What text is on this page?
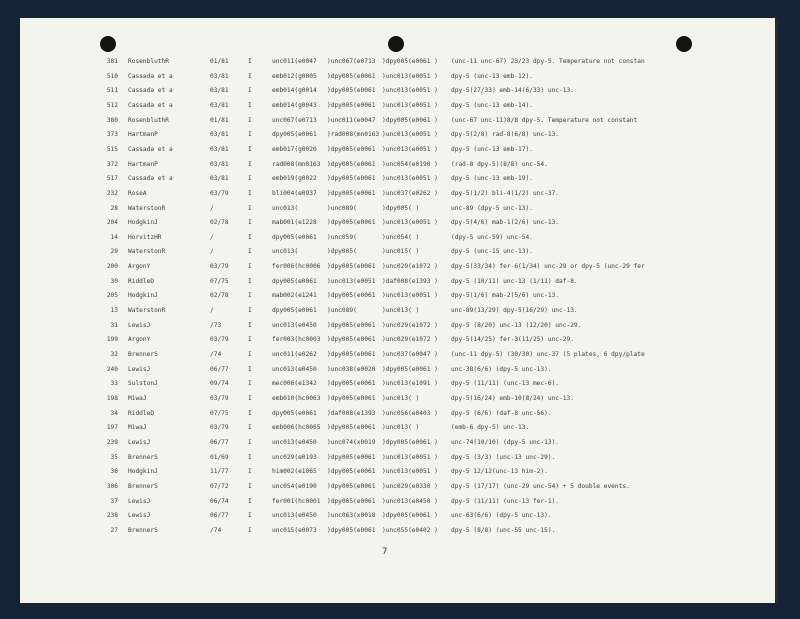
381 RosenbluthR	01/81	I	unc011(e0047 )unc067(e0713 )dpy005(e0061 ) (unc-11 unc-67) 23/23 dpy-5. Temperature not constan
510 Cassada et a	03/81	I	emb012(g0005 )dpy005(e0061 )unc013(e0051 ) dpy-5 (unc-13 emb-12).
511 Cassada et a	03/81	I	emb014(g0014 )dpy005(e0061 )unc013(e0051 ) dpy-5(27/33) emb-14(6/33) unc-13.
512 Cassada et a	03/81	I	emb014(g0043 )dpy005(e0061 )unc013(e0051 ) dpy-5 (unc-13 emb-14).
380 RosenbluthR	01/81	I	unc067(e0713 )unc011(e0047 )dpy005(e0061 ) (unc-67 unc-11)8/8 dpy-5. Temperature not constant
373 HartmanP	03/81	I	dpy005(e0061 )rad008(mn0163 )unc013(e0051 ) dpy-5(2/8) rad-8(6/8) unc-13.
515 Cassada et a	03/81	I	emb017(g0020 )dpy005(e0061 )unc013(e0051 ) dpy-5 (unc-13 emb-17).
372 HartmanP	03/81	I	rad008(mn0163 )dpy005(e0061 )unc054(e0190 ) (rad-8 dpy-5)(8/8) unc-54.
517 Cassada et a	03/81	I	emb019(g0022 )dpy005(e0061 )unc013(e0051 ) dpy-5 (unc-13 emb-19).
232 RoseA	03/79	I	bli004(e0937 )dpy005(e0061 )unc037(e0262 ) dpy-5(1/2) bli-4(1/2) unc-37.
28 WaterstonR	/	I	unc013(	)unc089(	)dpy005( )	unc-89 (dpy-5 unc-13).
204 HodgkinJ	02/78	I	mab001(e1228 )dpy005(e0061 )unc013(e0051 ) dpy-5(4/6) mab-1(2/6) unc-13.
14 HorvitzHR	/	I	dpy005(e0061 )unc059(	)unc054( )	(dpy-5 unc-59) unc-54.
29 WaterstonR	/	I	unc013(	)dpy005(	)unc015( )	dpy-5 (unc-15 unc-13).
200 ArgonY	03/79	I	fer006(hc0006 )dpy005(e0061 )unc029(e1072 ) dpy-5(33/34) fer-6(1/34) unc-29 or dpy-5 (unc-29 fer
30 RiddleD	07/75	I	dpy005(e0061 )unc013(e0051 )daf008(e1393 ) dpy-5 (10/11) unc-13 (1/11) daf-8.
205 HodgkinJ	02/78	I	mab002(e1241 )dpy005(e0061 )unc013(e0051 ) dpy-5(1/6) mab-2(5/6) unc-13.
13 WaterstonR	/	I	dpy005(e0061 )unc089(	)unc013( )	unc-89(13/29) dpy-5(16/29) unc-13.
31 LewisJ	/73	I	unc013(e0450 )dpy005(e0061 )unc029(e1072 ) dpy-5 (8/20) unc-13 (12/20) unc-29.
199 ArgonY	03/79	I	fer003(hc0003 )dpy005(e0061 )unc029(e1072 ) dpy-5(14/25) fer-3(11/25) unc-29.
32 BrennerS	/74	I	unc011(e0262 )dpy005(e0061 )unc037(e0047 ) (unc-11 dpy-5) (30/30) unc-37 (5 plates, 6 dpy/plate
240 LewisJ	06/77	I	unc013(e0450 )unc038(e0020 )dpy005(e0061 ) unc-38(6/6) (dpy-5 unc-13).
33 SulstonJ	09/74	I	mec006(e1342 )dpy005(e0061 )unc013(e1091 ) dpy-5 (11/11) (unc-13 mec-6).
198 MiwaJ	03/79	I	emb010(hc0063 )dpy005(e0061 )unc013( )	dpy-5(16/24) emb-10(8/24) unc-13.
34 RiddleD	07/75	I	dpy005(e0061 )daf008(e1393 )unc056(e0403 ) dpy-5 (6/6) (daf-8 unc-56).
197 MiwaJ	03/79	I	emb006(hc0065 )dpy005(e0061 )unc013( )	(emb-6 dpy-5) unc-13.
239 LewisJ	06/77	I	unc013(e0450 )unc074(x0019 )dpy005(e0061 ) unc-74(10/10) (dpy-5 unc-13).
35 BrennerS	01/69	I	unc029(e0193 )dpy005(e0061 )unc013(e0051 ) dpy-5 (3/3) (unc-13 unc-29).
36 HodgkinJ	11/77	I	him002(e1065 )dpy005(e0061 )unc013(e0051 ) dpy-5 12/12(unc-13 him-2).
306 BrennerS	07/72	I	unc054(e0190 )dpy005(e0061 )unc029(e0330 ) dpy-5 (17/17) (unc-29 unc-54) + 5 double events.
37 LewisJ	06/74	I	fer001(hc0001 )dpy005(e0061 )unc013(e0450 ) dpy-5 (11/11) (unc-13 fer-1).
238 LewisJ	06/77	I	unc013(e0450 )unc063(x0018 )dpy005(e0061 ) unc-63(6/6) (dpy-5 unc-13).
27 BrennerS	/74	I	unc015(e0073 )dpy005(e0061 )unc055(e0402 ) dpy-5 (8/8) (unc-55 unc-15).
7
